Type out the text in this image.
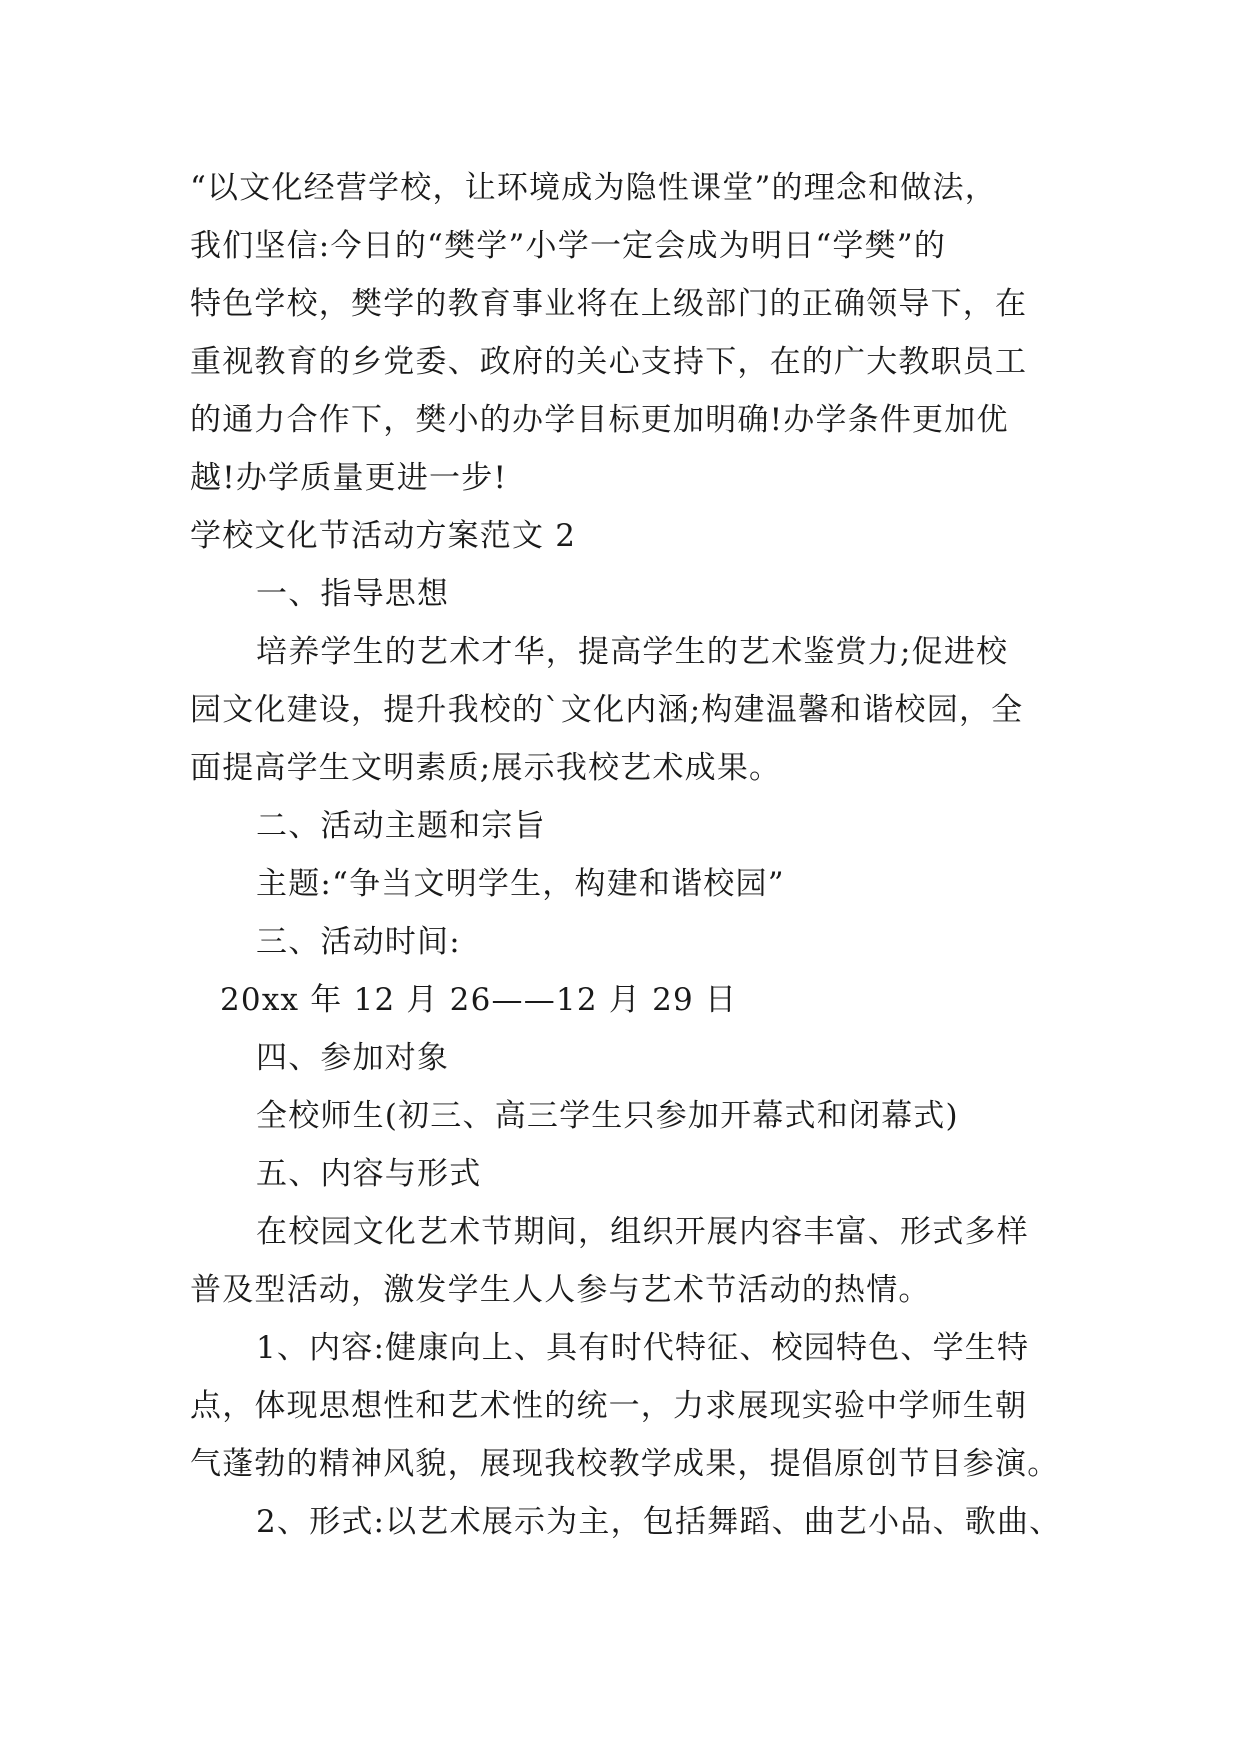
“以文化经营学校，让环境成为隐性课堂”的理念和做法，
我们坚信:今日的“樊学”小学一定会成为明日“学樊”的
特色学校，樊学的教育事业将在上级部门的正确领导下，在
重视教育的乡党委、政府的关心支持下，在的广大教职员工
的通力合作下，樊小的办学目标更加明确!办学条件更加优
越!办学质量更进一步!
学校文化节活动方案范文 2
一、指导思想
培养学生的艺术才华，提高学生的艺术鉴赏力;促进校
园文化建设，提升我校的`文化内涵;构建温馨和谐校园，全
面提高学生文明素质;展示我校艺术成果。
二、活动主题和宗旨
主题:“争当文明学生，构建和谐校园”
三、活动时间:
20xx 年 12 月 26——12 月 29 日
四、参加对象
全校师生(初三、高三学生只参加开幕式和闭幕式)
五、内容与形式
在校园文化艺术节期间，组织开展内容丰富、形式多样
普及型活动，激发学生人人参与艺术节活动的热情。
1、内容:健康向上、具有时代特征、校园特色、学生特
点，体现思想性和艺术性的统一，力求展现实验中学师生朝
气蓬勃的精神风貌，展现我校教学成果，提倡原创节目参演。
2、形式:以艺术展示为主，包括舞蹈、曲艺小品、歌曲、
